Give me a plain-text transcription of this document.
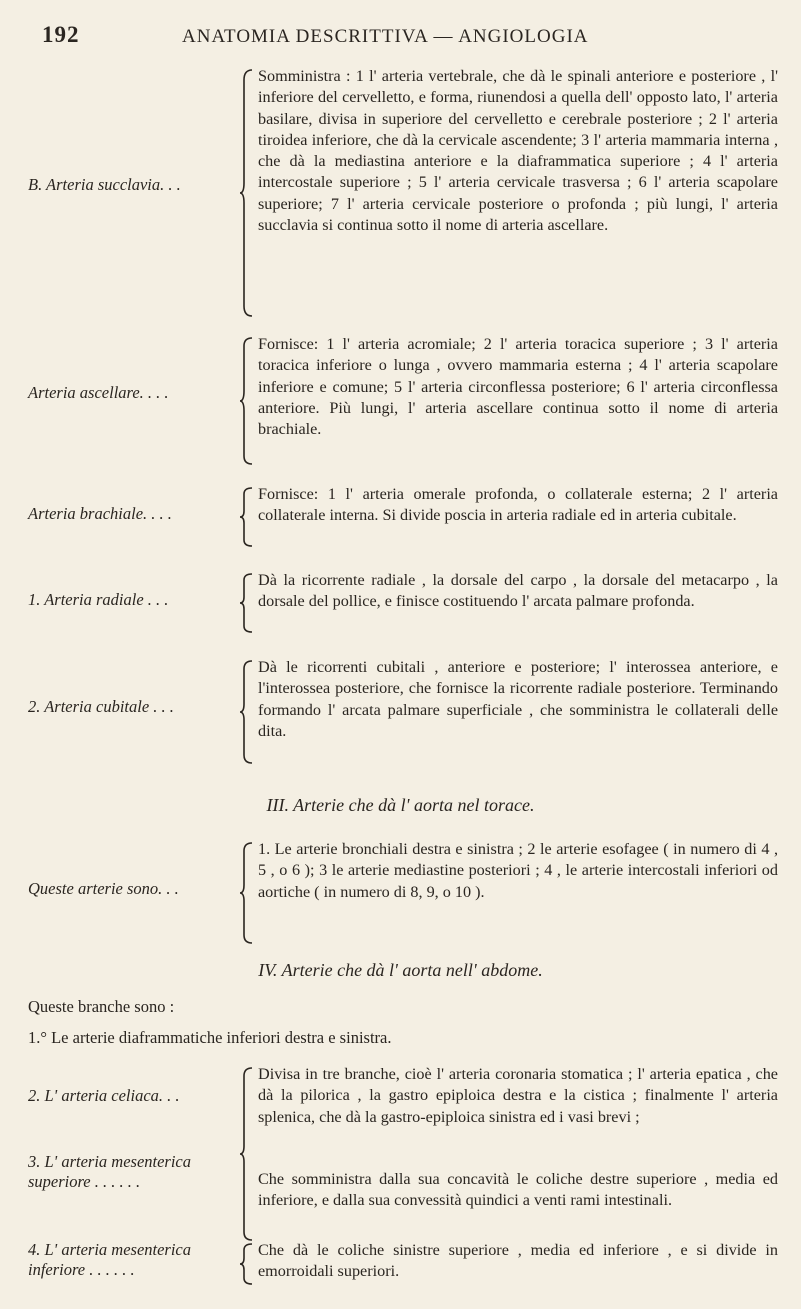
192	ANATOMIA DESCRITTIVA — ANGIOLOGIA
B. Arteria succlavia. . .
Somministra : 1 l' arteria vertebrale, che dà le spinali anteriore e posteriore , l' inferiore del cervelletto, e forma, riunendosi a quella dell' opposto lato, l' arteria basilare, divisa in superiore del cervelletto e cerebrale posteriore ; 2 l' arteria tiroidea inferiore, che dà la cervicale ascendente; 3 l' arteria mammaria interna , che dà la mediastina anteriore e la diaframmatica superiore ; 4 l' arteria intercostale superiore ; 5 l' arteria cervicale trasversa ; 6 l' arteria scapolare superiore; 7 l' arteria cervicale posteriore o profonda ; più lungi, l' arteria succlavia si continua sotto il nome di arteria ascellare.
Arteria ascellare. . . .
Fornisce: 1 l' arteria acromiale; 2 l' arteria toracica superiore ; 3 l' arteria toracica inferiore o lunga , ovvero mammaria esterna ; 4 l' arteria scapolare inferiore e comune; 5 l' arteria circonflessa posteriore; 6 l' arteria circonflessa anteriore. Più lungi, l' arteria ascellare continua sotto il nome di arteria brachiale.
Arteria brachiale. . . .
Fornisce: 1 l' arteria omerale profonda, o collaterale esterna; 2 l' arteria collaterale interna. Si divide poscia in arteria radiale ed in arteria cubitale.
1. Arteria radiale . . .
Dà la ricorrente radiale , la dorsale del carpo , la dorsale del metacarpo , la dorsale del pollice, e finisce costituendo l' arcata palmare profonda.
2. Arteria cubitale . . .
Dà le ricorrenti cubitali , anteriore e posteriore; l' interossea anteriore, e l'interossea posteriore, che fornisce la ricorrente radiale posteriore. Terminando formando l' arcata palmare superficiale , che somministra le collaterali delle dita.
III. Arterie che dà l' aorta nel torace.
Queste arterie sono. . .
1. Le arterie bronchiali destra e sinistra ; 2 le arterie esofagee ( in numero di 4 , 5 , o 6 ); 3 le arterie mediastine posteriori ; 4 , le arterie intercostali inferiori od aortiche ( in numero di 8, 9, o 10 ).
IV. Arterie che dà l' aorta nell' abdome.
Queste branche sono :
1.° Le arterie diaframmatiche inferiori destra e sinistra.
2. L' arteria celiaca. . .
3. L' arteria mesenterica superiore . . . . . .
Divisa in tre branche, cioè l' arteria coronaria stomatica ; l' arteria epatica , che dà la pilorica , la gastro epiploica destra e la cistica ; finalmente l' arteria splenica, che dà la gastro-epiploica sinistra ed i vasi brevi ;
Che somministra dalla sua concavità le coliche destre superiore , media ed inferiore, e dalla sua convessità quindici a venti rami intestinali.
4. L' arteria mesenterica inferiore . . . . . .
Che dà le coliche sinistre superiore , media ed inferiore , e si divide in emorroidali superiori.
